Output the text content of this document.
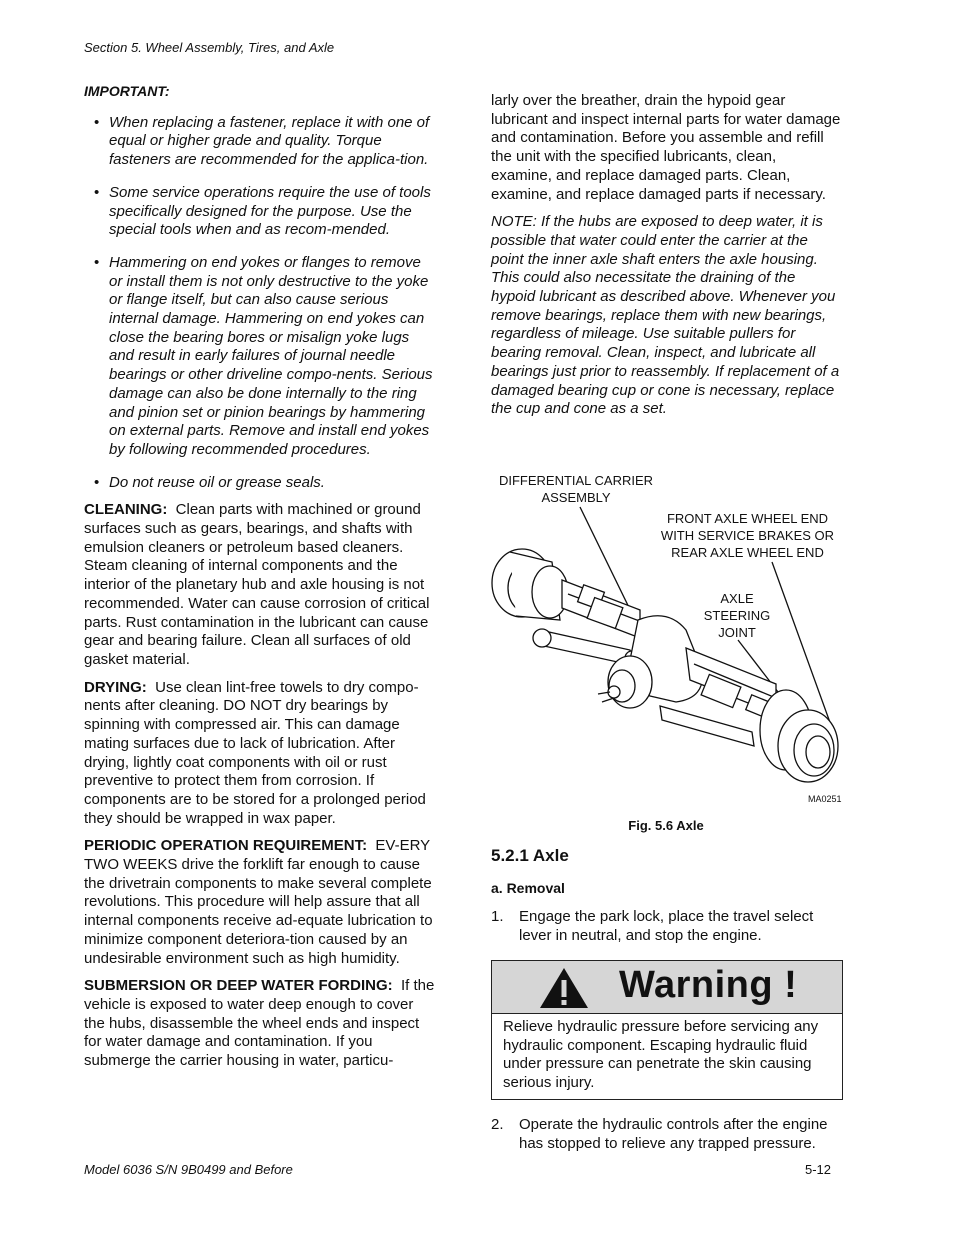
Section 5. Wheel Assembly, Tires, and Axle
IMPORTANT:
• When replacing a fastener, replace it with one of equal or higher grade and quality. Torque fasteners are recommended for the applica-tion.
• Some service operations require the use of tools specifically designed for the purpose. Use the special tools when and as recom-mended.
• Hammering on end yokes or flanges to remove or install them is not only destructive to the yoke or flange itself, but can also cause serious internal damage. Hammering on end yokes can close the bearing bores or misalign yoke lugs and result in early failures of journal needle bearings or other driveline compo-nents. Serious damage can also be done internally to the ring and pinion set or pinion bearings by hammering on external parts. Remove and install end yokes by following recommended procedures.
• Do not reuse oil or grease seals.

CLEANING: Clean parts with machined or ground surfaces such as gears, bearings, and shafts with emulsion cleaners or petroleum based cleaners. Steam cleaning of internal components and the interior of the planetary hub and axle housing is not recommended. Water can cause corrosion of critical parts. Rust contamination in the lubricant can cause gear and bearing failure. Clean all surfaces of old gasket material.

DRYING: Use clean lint-free towels to dry compo-nents after cleaning. DO NOT dry bearings by spinning with compressed air. This can damage mating surfaces due to lack of lubrication. After drying, lightly coat components with oil or rust preventive to protect them from corrosion. If components are to be stored for a prolonged period they should be wrapped in wax paper.

PERIODIC OPERATION REQUIREMENT: EV-ERY TWO WEEKS drive the forklift far enough to cause the drivetrain components to make several complete revolutions. This procedure will help assure that all internal components receive ad-equate lubrication to minimize component deteriora-tion caused by an undesirable environment such as high humidity.

SUBMERSION OR DEEP WATER FORDING: If the vehicle is exposed to water deep enough to cover the hubs, disassemble the wheel ends and inspect for water damage and contamination. If you submerge the carrier housing in water, particu-

larly over the breather, drain the hypoid gear lubricant and inspect internal parts for water damage and contamination. Before you assemble and refill the unit with the specified lubricants, clean, examine, and replace damaged parts. Clean, examine, and replace damaged parts if necessary.

NOTE: If the hubs are exposed to deep water, it is possible that water could enter the carrier at the point the inner axle shaft enters the axle housing. This could also necessitate the draining of the hypoid lubricant as described above. Whenever you remove bearings, replace them with new bearings, regardless of mileage. Use suitable pullers for bearing removal. Clean, inspect, and lubricate all bearings just prior to reassembly. If replacement of a damaged bearing cup or cone is necessary, replace the cup and cone as a set.

DIFFERENTIAL CARRIER
ASSEMBLY
FRONT AXLE WHEEL END
WITH SERVICE BRAKES OR
REAR AXLE WHEEL END
AXLE
STEERING
JOINT
MA0251
Fig. 5.6 Axle
5.2.1 Axle
a. Removal
1. Engage the park lock, place the travel select lever in neutral, and stop the engine.
Warning !
Relieve hydraulic pressure before servicing any hydraulic component. Escaping hydraulic fluid under pressure can penetrate the skin causing serious injury.
2. Operate the hydraulic controls after the engine has stopped to relieve any trapped pressure.
Model 6036 S/N 9B0499 and Before	5-12
